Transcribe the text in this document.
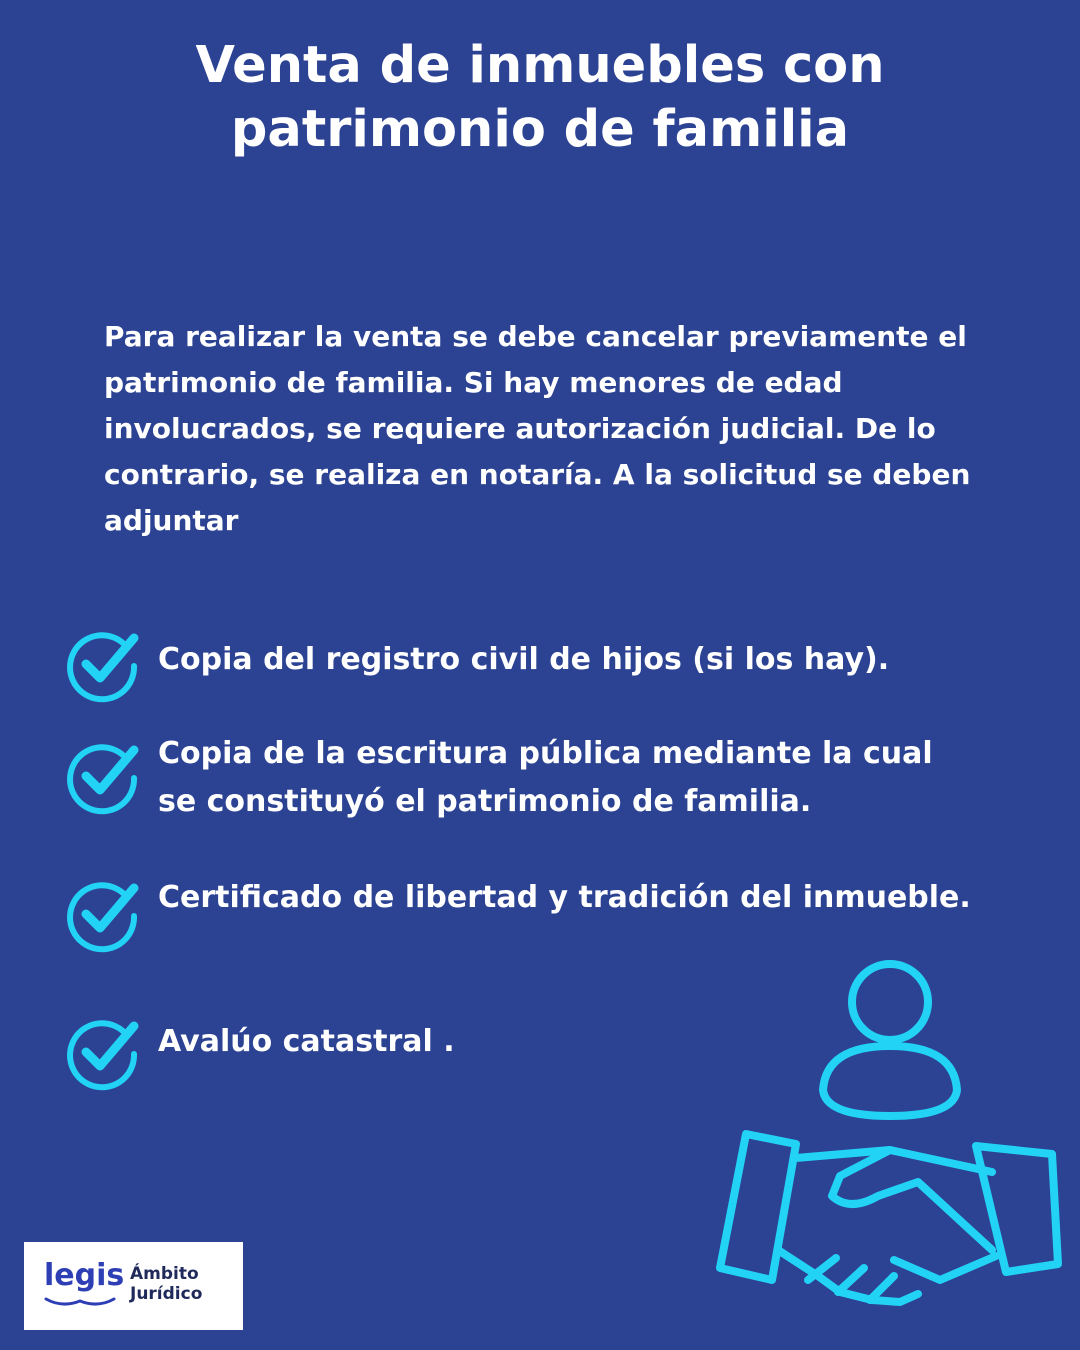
Venta de inmuebles con patrimonio de familia

Para realizar la venta se debe cancelar previamente el patrimonio de familia. Si hay menores de edad involucrados, se requiere autorización judicial. De lo contrario, se realiza en notaría. A la solicitud se deben adjuntar

Copia del registro civil de hijos (si los hay).
Copia de la escritura pública mediante la cual se constituyó el patrimonio de familia.
Certificado de libertad y tradición del inmueble.
Avalúo catastral .
legis Ámbito
Jurídico
